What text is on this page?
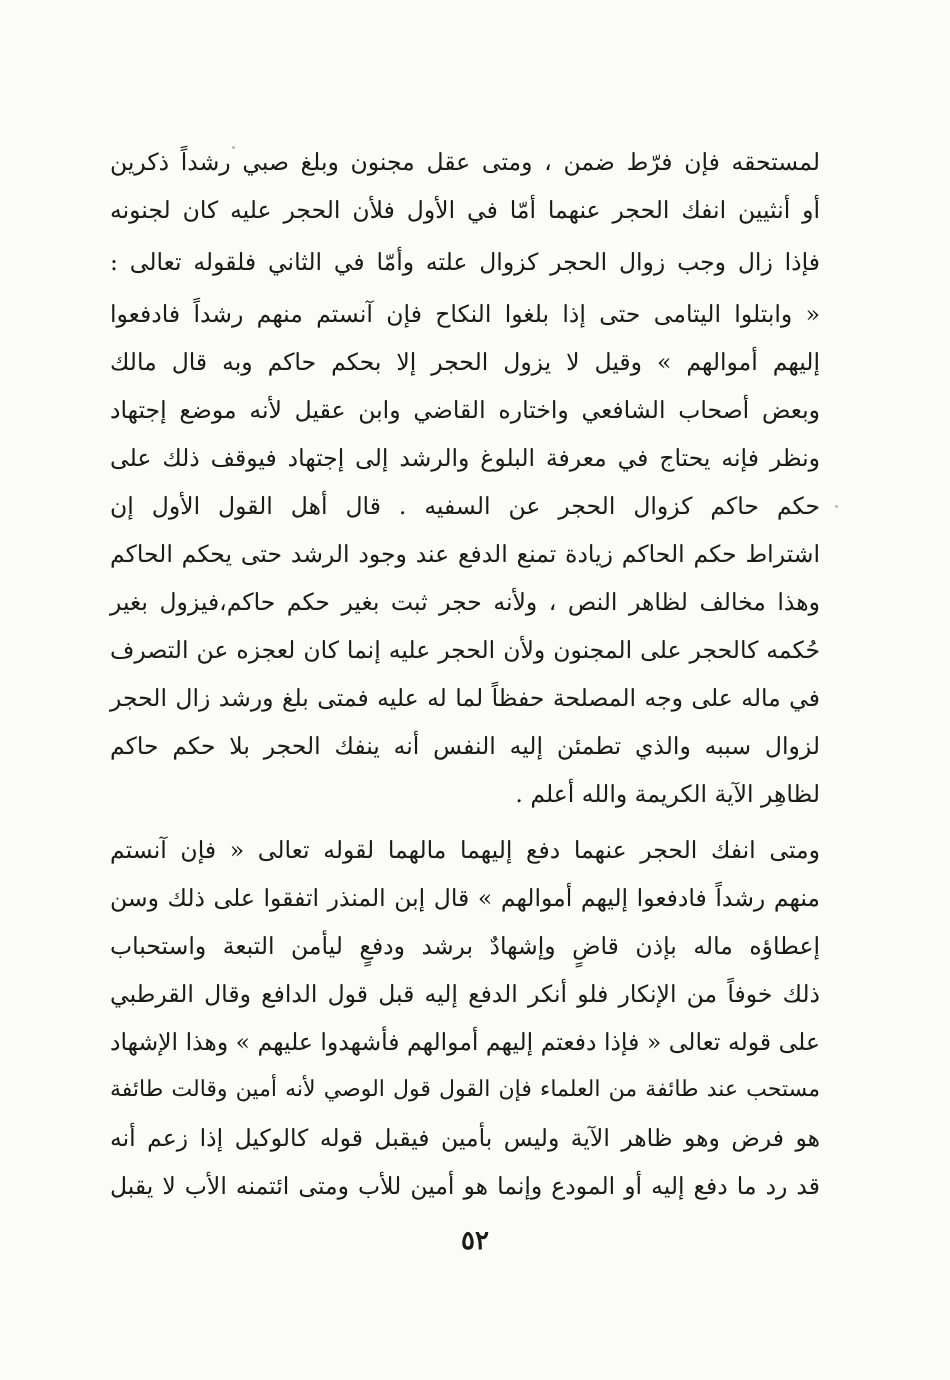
لمستحقه فإن فرّط ضمن ، ومتى عقل مجنون وبلغ صبي رشداً ذكرين
أو أنثيين انفك الحجر عنهما أمّا في الأول فلأن الحجر عليه كان لجنونه
فإذا زال وجب زوال الحجر كزوال علته وأمّا في الثاني فلقوله تعالى :
« وابتلوا اليتامى حتى إذا بلغوا النكاح فإن آنستم منهم رشداً فادفعوا
إليهم أموالهم » وقيل لا يزول الحجر إلا بحكم حاكم وبه قال مالك
وبعض أصحاب الشافعي واختاره القاضي وابن عقيل لأنه موضع إجتهاد
ونظر فإنه يحتاج في معرفة البلوغ والرشد إلى إجتهاد فيوقف ذلك على
حكم حاكم كزوال الحجر عن السفيه . قال أهل القول الأول إن
اشتراط حكم الحاكم زيادة تمنع الدفع عند وجود الرشد حتى يحكم الحاكم
وهذا مخالف لظاهر النص ، ولأنه حجر ثبت بغير حكم حاكم،فيزول بغير
حُكمه كالحجر على المجنون ولأن الحجر عليه إنما كان لعجزه عن التصرف
في ماله على وجه المصلحة حفظاً لما له عليه فمتى بلغ ورشد زال الحجر
لزوال سببه والذي تطمئن إليه النفس أنه ينفك الحجر بلا حكم حاكم
لظاهِر الآية الكريمة والله أعلم .
ومتى انفك الحجر عنهما دفع إليهما مالهما لقوله تعالى « فإن آنستم
منهم رشداً فادفعوا إليهم أموالهم » قال إبن المنذر اتفقوا على ذلك وسن
إعطاؤه ماله بإذن قاضٍ وإشهادٌ برشد ودفعٍ ليأمن التبعة واستحباب
ذلك خوفاً من الإنكار فلو أنكر الدفع إليه قبل قول الدافع وقال القرطبي
على قوله تعالى « فإذا دفعتم إليهم أموالهم فأشهدوا عليهم » وهذا الإشهاد
مستحب عند طائفة من العلماء فإن القول قول الوصي لأنه أمين وقالت طائفة
هو فرض وهو ظاهر الآية وليس بأمين فيقبل قوله كالوكيل إذا زعم أنه
قد رد ما دفع إليه أو المودع وإنما هو أمين للأب ومتى ائتمنه الأب لا يقبل
٥٢
